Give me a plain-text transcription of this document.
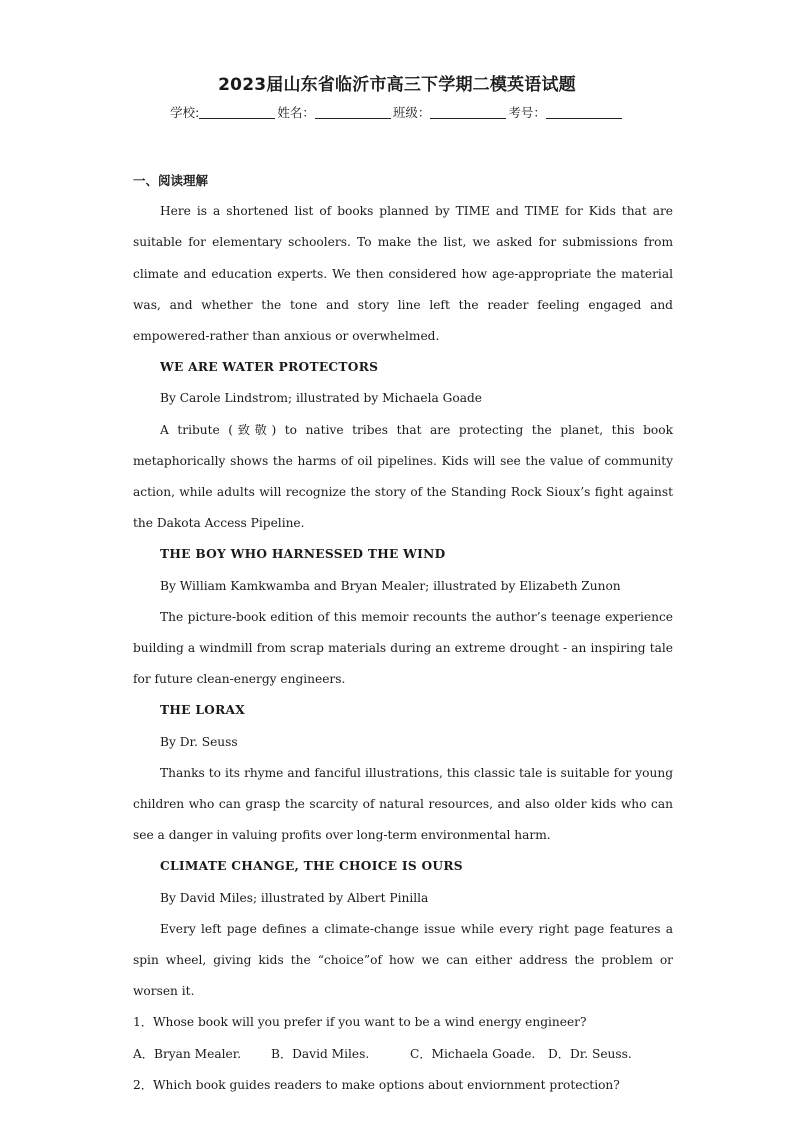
2023届山东省临沂市高三下学期二模英语试题
学校:	姓名：	班级：	考号：
一、阅读理解

Here is a shortened list of books planned by TIME and TIME for Kids that are suitable for elementary schoolers. To make the list, we asked for submissions from climate and education experts. We then considered how age-appropriate the material was, and whether the tone and story line left the reader feeling engaged and empowered-rather than anxious or overwhelmed.

WE ARE WATER PROTECTORS
By Carole Lindstrom; illustrated by Michaela Goade

A tribute (致敬) to native tribes that are protecting the planet, this book metaphorically shows the harms of oil pipelines. Kids will see the value of community action, while adults will recognize the story of the Standing Rock Sioux’s fight against the Dakota Access Pipeline.

THE BOY WHO HARNESSED THE WIND
By William Kamkwamba and Bryan Mealer; illustrated by Elizabeth Zunon

The picture-book edition of this memoir recounts the author’s teenage experience building a windmill from scrap materials during an extreme drought - an inspiring tale for future clean-energy engineers.

THE LORAX
By Dr. Seuss

Thanks to its rhyme and fanciful illustrations, this classic tale is suitable for young children who can grasp the scarcity of natural resources, and also older kids who can see a danger in valuing profits over long-term environmental harm.

CLIMATE CHANGE, THE CHOICE IS OURS
By David Miles; illustrated by Albert Pinilla

Every left page defines a climate-change issue while every right page features a spin wheel, giving kids the “choice”of how we can either address the problem or worsen it.

1．Whose book will you prefer if you want to be a wind energy engineer?
A．Bryan Mealer.	B．David Miles.	C．Michaela Goade.	D．Dr. Seuss.
2．Which book guides readers to make options about enviornment protection?
